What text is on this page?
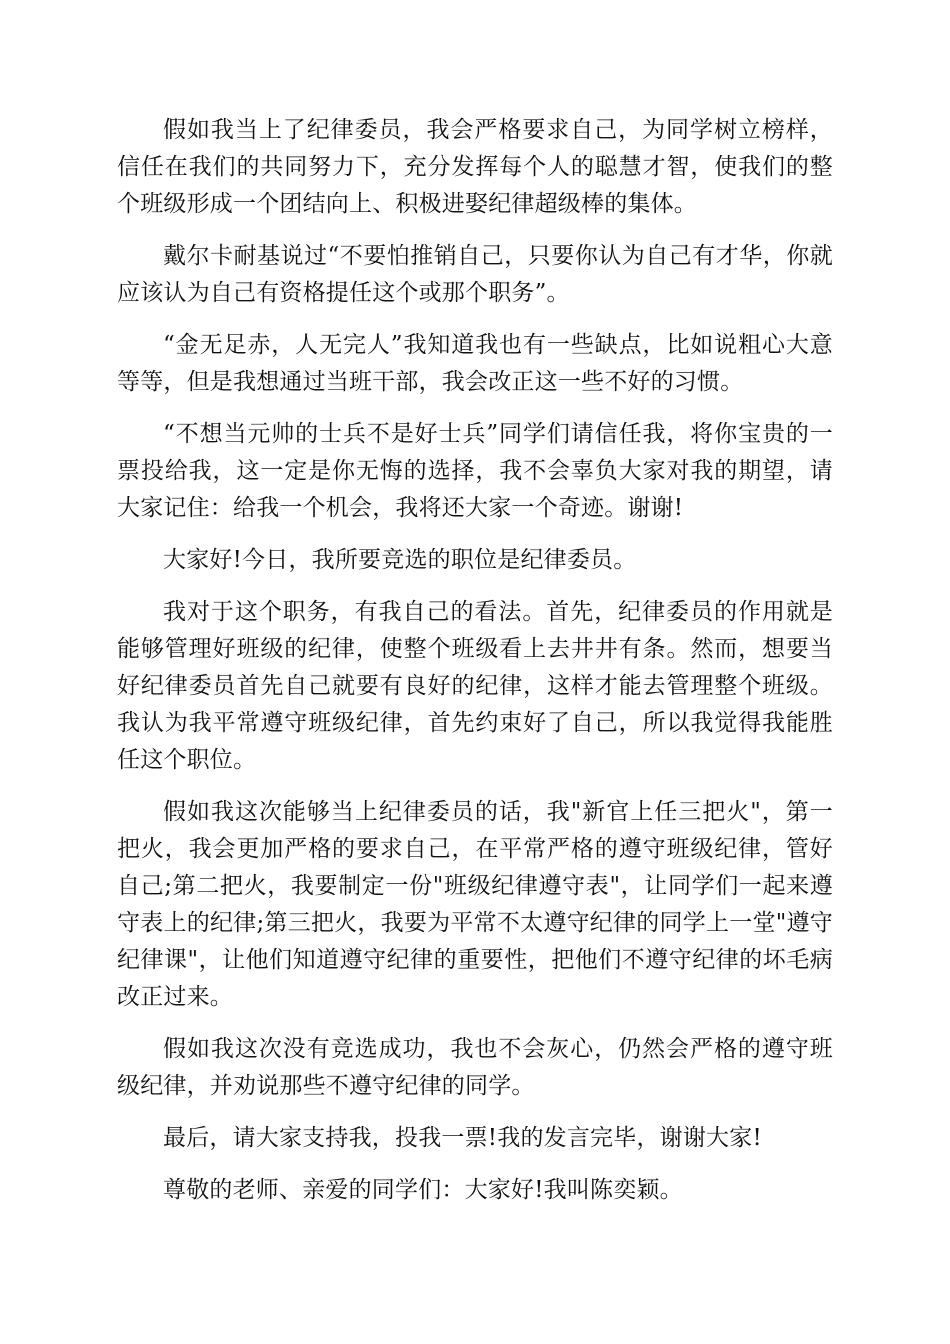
假如我当上了纪律委员，我会严格要求自己，为同学树立榜样，信任在我们的共同努力下，充分发挥每个人的聪慧才智，使我们的整个班级形成一个团结向上、积极进娶纪律超级棒的集体。

戴尔卡耐基说过“不要怕推销自己，只要你认为自己有才华，你就应该认为自己有资格提任这个或那个职务”。

“金无足赤，人无完人”我知道我也有一些缺点，比如说粗心大意等等，但是我想通过当班干部，我会改正这一些不好的习惯。

“不想当元帅的士兵不是好士兵”同学们请信任我，将你宝贵的一票投给我，这一定是你无悔的选择，我不会辜负大家对我的期望，请大家记住：给我一个机会，我将还大家一个奇迹。谢谢!

大家好!今日，我所要竞选的职位是纪律委员。

我对于这个职务，有我自己的看法。首先，纪律委员的作用就是能够管理好班级的纪律，使整个班级看上去井井有条。然而，想要当好纪律委员首先自己就要有良好的纪律，这样才能去管理整个班级。我认为我平常遵守班级纪律，首先约束好了自己，所以我觉得我能胜任这个职位。

假如我这次能够当上纪律委员的话，我"新官上任三把火"，第一把火，我会更加严格的要求自己，在平常严格的遵守班级纪律，管好自己;第二把火，我要制定一份"班级纪律遵守表"，让同学们一起来遵守表上的纪律;第三把火，我要为平常不太遵守纪律的同学上一堂"遵守纪律课"，让他们知道遵守纪律的重要性，把他们不遵守纪律的坏毛病改正过来。

假如我这次没有竞选成功，我也不会灰心，仍然会严格的遵守班级纪律，并劝说那些不遵守纪律的同学。

最后，请大家支持我，投我一票!我的发言完毕，谢谢大家!

尊敬的老师、亲爱的同学们：大家好!我叫陈奕颖。
